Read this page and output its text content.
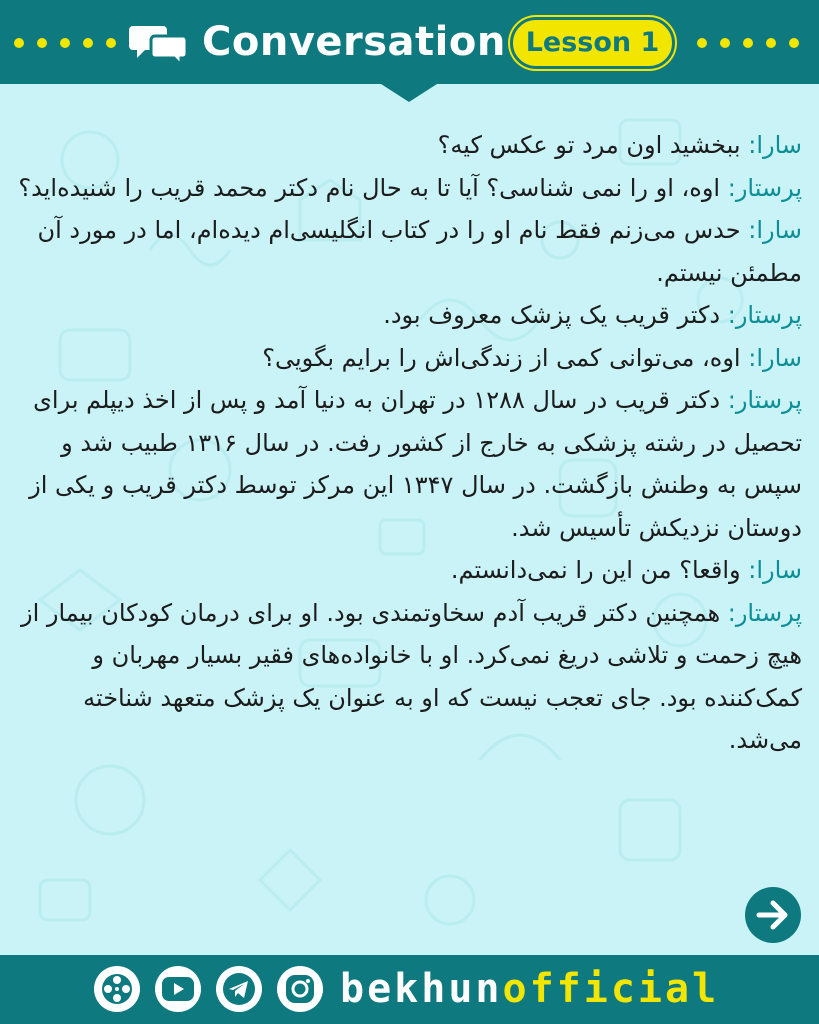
Conversation Lesson 1

سارا: ببخشید اون مرد تو عکس کیه؟

پرستار: اوه، او را نمی شناسی؟ آیا تا به حال نام دکتر محمد قریب را شنیده‌اید؟

سارا: حدس می‌زنم فقط نام او را در کتاب انگلیسی‌ام دیده‌ام، اما در مورد آن مطمئن نیستم.

پرستار: دکتر قریب یک پزشک معروف بود.

سارا: اوه، می‌توانی کمی از زندگی‌اش را برایم بگویی؟

پرستار: دکتر قریب در سال ۱۲۸۸ در تهران به دنیا آمد و پس از اخذ دیپلم برای تحصیل در رشته پزشکی به خارج از کشور رفت. در سال ۱۳۱۶ طبیب شد و سپس به وطنش بازگشت. در سال ۱۳۴۷ این مرکز توسط دکتر قریب و یکی از دوستان نزدیکش تأسیس شد.

سارا: واقعا؟ من این را نمی‌دانستم.

پرستار: همچنین دکتر قریب آدم سخاوتمندی بود. او برای درمان کودکان بیمار از هیچ زحمت و تلاشی دریغ نمی‌کرد. او با خانواده‌های فقیر بسیار مهربان و کمک‌کننده بود. جای تعجب نیست که او به عنوان یک پزشک متعهد شناخته می‌شد.

bekhunofficial
